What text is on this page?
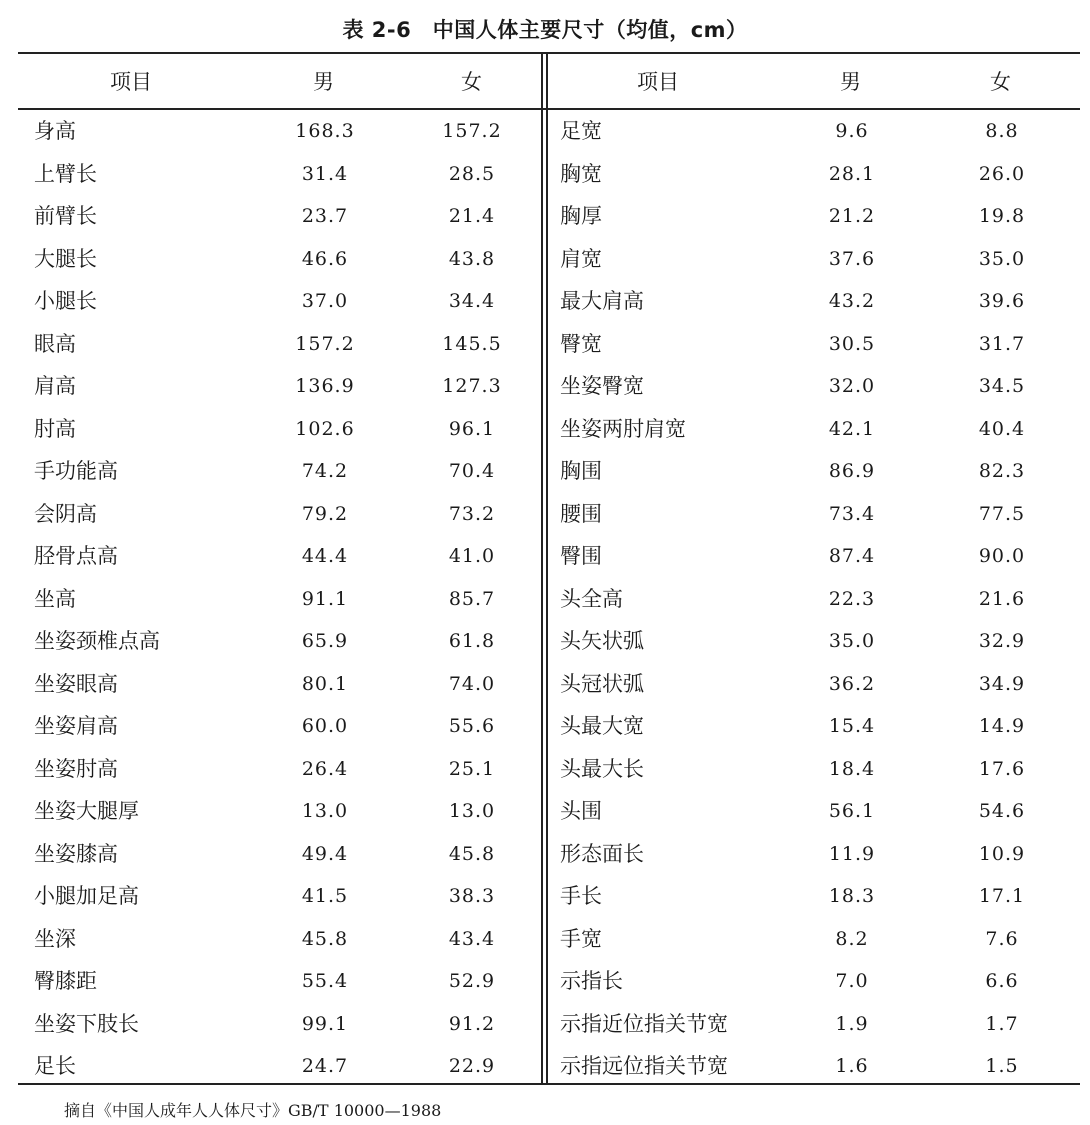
表 2-6　中国人体主要尺寸（均值，cm）
项目	男	女	项目	男	女
身高	168.3	157.2	足宽	9.6	8.8
上臂长	31.4	28.5	胸宽	28.1	26.0
前臂长	23.7	21.4	胸厚	21.2	19.8
大腿长	46.6	43.8	肩宽	37.6	35.0
小腿长	37.0	34.4	最大肩高	43.2	39.6
眼高	157.2	145.5	臀宽	30.5	31.7
肩高	136.9	127.3	坐姿臀宽	32.0	34.5
肘高	102.6	96.1	坐姿两肘肩宽	42.1	40.4
手功能高	74.2	70.4	胸围	86.9	82.3
会阴高	79.2	73.2	腰围	73.4	77.5
胫骨点高	44.4	41.0	臀围	87.4	90.0
坐高	91.1	85.7	头全高	22.3	21.6
坐姿颈椎点高	65.9	61.8	头矢状弧	35.0	32.9
坐姿眼高	80.1	74.0	头冠状弧	36.2	34.9
坐姿肩高	60.0	55.6	头最大宽	15.4	14.9
坐姿肘高	26.4	25.1	头最大长	18.4	17.6
坐姿大腿厚	13.0	13.0	头围	56.1	54.6
坐姿膝高	49.4	45.8	形态面长	11.9	10.9
小腿加足高	41.5	38.3	手长	18.3	17.1
坐深	45.8	43.4	手宽	8.2	7.6
臀膝距	55.4	52.9	示指长	7.0	6.6
坐姿下肢长	99.1	91.2	示指近位指关节宽	1.9	1.7
足长	24.7	22.9	示指远位指关节宽	1.6	1.5
摘自《中国人成年人人体尺寸》GB/T 10000—1988
